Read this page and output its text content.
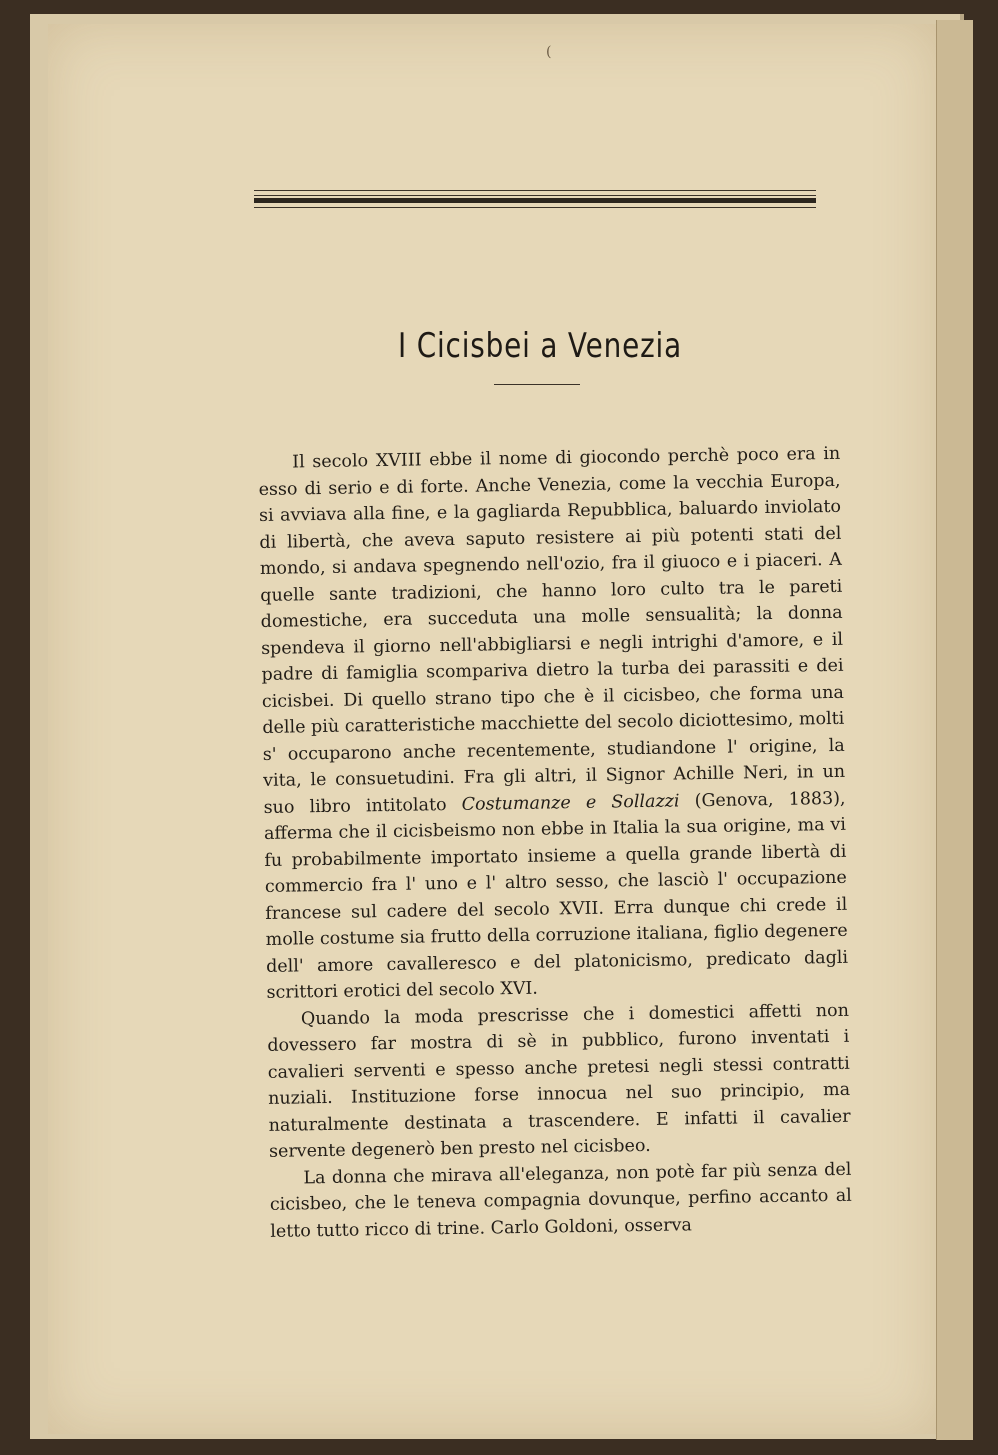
(
I Cicisbei a Venezia

Il secolo XVIII ebbe il nome di giocondo perchè poco era in esso di serio e di forte. Anche Venezia, come la vecchia Europa, si avviava alla fine, e la gagliarda Repubblica, baluardo inviolato di libertà, che aveva saputo resistere ai più potenti stati del mondo, si andava spegnendo nell'ozio, fra il giuoco e i piaceri. A quelle sante tradizioni, che hanno loro culto tra le pareti domestiche, era succeduta una molle sensualità; la donna spendeva il giorno nell'abbigliarsi e negli intrighi d'amore, e il padre di famiglia scompariva dietro la turba dei parassiti e dei cicisbei. Di quello strano tipo che è il cicisbeo, che forma una delle più caratteristiche macchiette del secolo diciottesimo, molti s' occuparono anche recentemente, studiandone l' origine, la vita, le consuetudini. Fra gli altri, il Signor Achille Neri, in un suo libro intitolato Costumanze e Sollazzi (Genova, 1883), afferma che il cicisbeismo non ebbe in Italia la sua origine, ma vi fu probabilmente importato insieme a quella grande libertà di commercio fra l' uno e l' altro sesso, che lasciò l' occupazione francese sul cadere del secolo XVII. Erra dunque chi crede il molle costume sia frutto della corruzione italiana, figlio degenere dell' amore cavalleresco e del platonicismo, predicato dagli scrittori erotici del secolo XVI.

Quando la moda prescrisse che i domestici affetti non dovessero far mostra di sè in pubblico, furono inventati i cavalieri serventi e spesso anche pretesi negli stessi contratti nuziali. Instituzione forse innocua nel suo principio, ma naturalmente destinata a trascendere. E infatti il cavalier servente degenerò ben presto nel cicisbeo.

La donna che mirava all'eleganza, non potè far più senza del cicisbeo, che le teneva compagnia dovunque, perfino accanto al letto tutto ricco di trine. Carlo Goldoni, osserva
